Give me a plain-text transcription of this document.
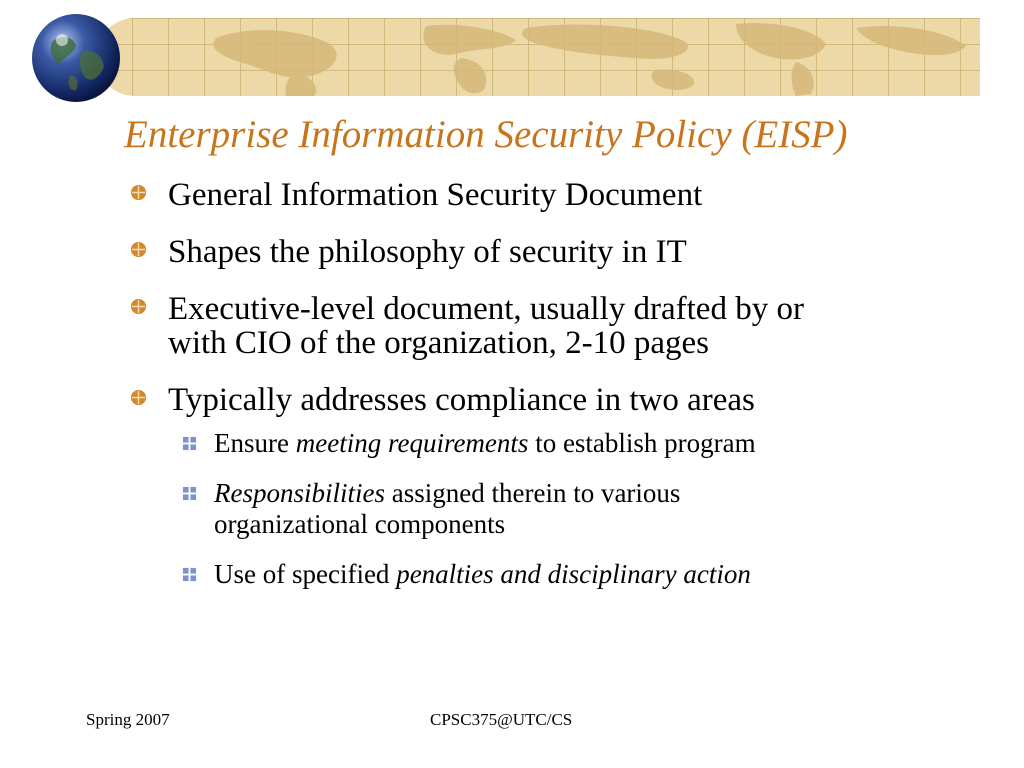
Enterprise Information Security Policy (EISP)
General Information Security Document
Shapes the philosophy of security in IT
Executive-level document, usually drafted by or
with CIO of the organization, 2-10 pages
Typically addresses compliance in two areas
Ensure meeting requirements to establish program
Responsibilities assigned therein to various
organizational components
Use of specified penalties and disciplinary action
Spring 2007	CPSC375@UTC/CS
